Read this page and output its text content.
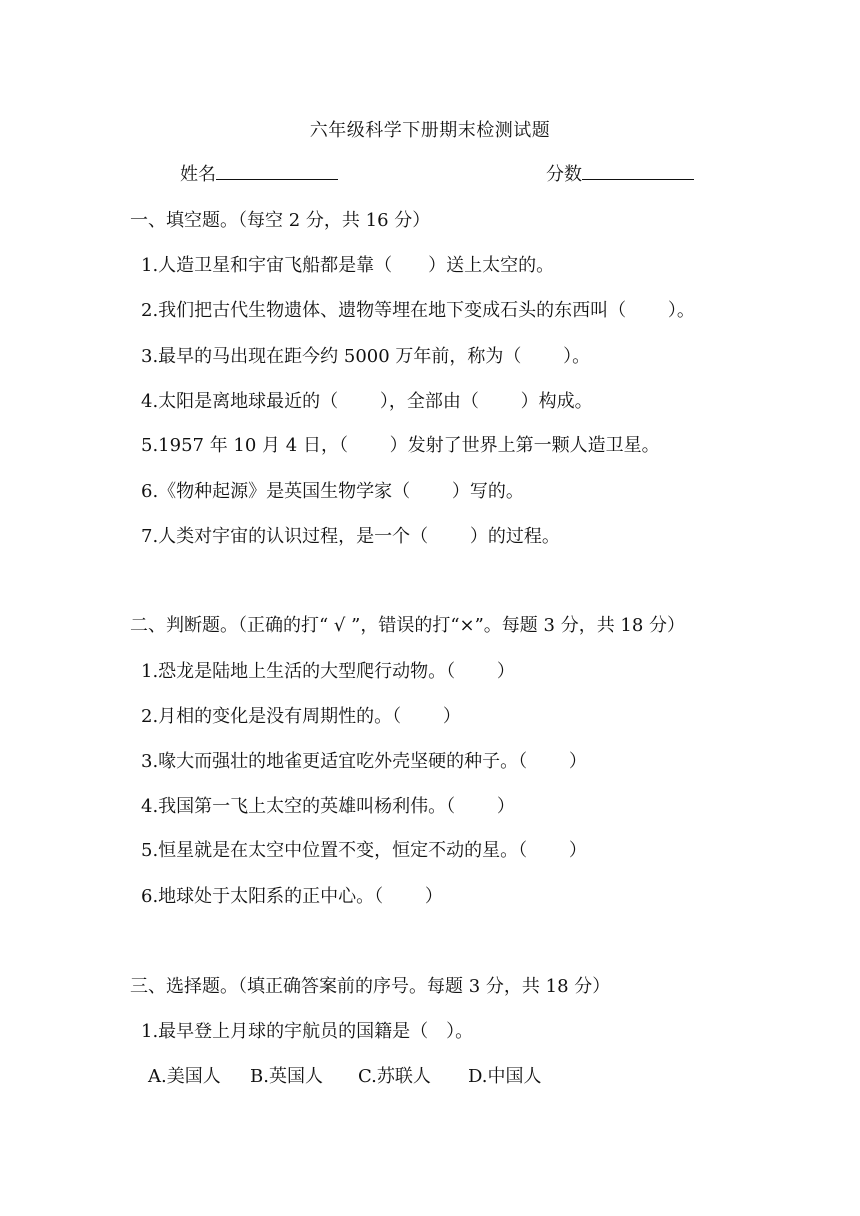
六年级科学下册期末检测试题
姓名	分数
一、填空题。（每空 2 分，共 16 分）
1.人造卫星和宇宙飞船都是靠（　　）送上太空的。
2.我们把古代生物遗体、遗物等埋在地下变成石头的东西叫（　　 ）。
3.最早的马出现在距今约 5000 万年前，称为（　　 ）。
4.太阳是离地球最近的（　　 ），全部由（　　 ）构成。
5.1957 年 10 月 4 日，（　　 ）发射了世界上第一颗人造卫星。
6.《物种起源》是英国生物学家（　　 ）写的。
7.人类对宇宙的认识过程，是一个（　　 ）的过程。
二、判断题。（正确的打“ √ ”，错误的打“×”。每题 3 分，共 18 分）
1.恐龙是陆地上生活的大型爬行动物。（　　 ）
2.月相的变化是没有周期性的。（　　 ）
3.喙大而强壮的地雀更适宜吃外壳坚硬的种子。（　　 ）
4.我国第一飞上太空的英雄叫杨利伟。（　　 ）
5.恒星就是在太空中位置不变，恒定不动的星。（　　 ）
6.地球处于太阳系的正中心。（　　 ）
三、选择题。（填正确答案前的序号。每题 3 分，共 18 分）
1.最早登上月球的宇航员的国籍是（　）。
A.美国人 B.英国人 C.苏联人 D.中国人
